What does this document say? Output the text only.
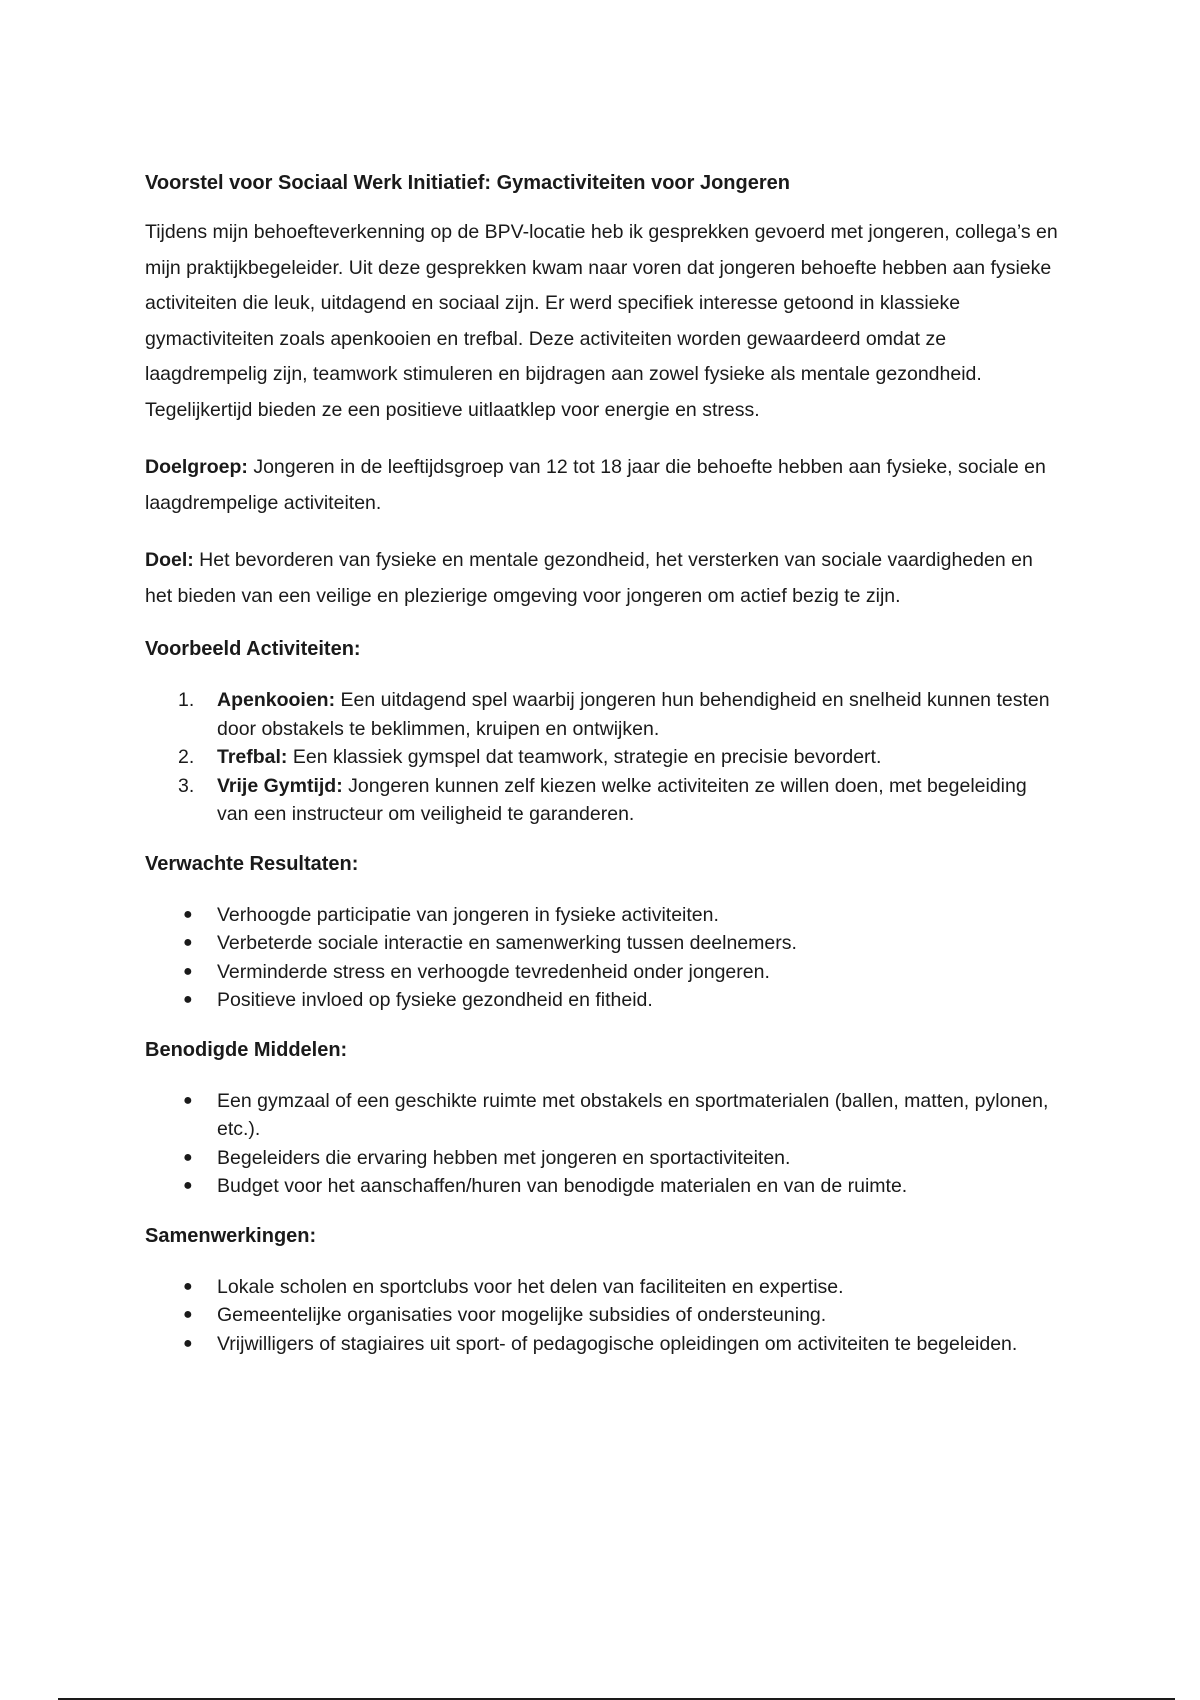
Voorstel voor Sociaal Werk Initiatief: Gymactiviteiten voor Jongeren

Tijdens mijn behoefteverkenning op de BPV-locatie heb ik gesprekken gevoerd met jongeren, collega’s en mijn praktijkbegeleider. Uit deze gesprekken kwam naar voren dat jongeren behoefte hebben aan fysieke activiteiten die leuk, uitdagend en sociaal zijn. Er werd specifiek interesse getoond in klassieke gymactiviteiten zoals apenkooien en trefbal. Deze activiteiten worden gewaardeerd omdat ze laagdrempelig zijn, teamwork stimuleren en bijdragen aan zowel fysieke als mentale gezondheid. Tegelijkertijd bieden ze een positieve uitlaatklep voor energie en stress.

Doelgroep: Jongeren in de leeftijdsgroep van 12 tot 18 jaar die behoefte hebben aan fysieke, sociale en laagdrempelige activiteiten.

Doel: Het bevorderen van fysieke en mentale gezondheid, het versterken van sociale vaardigheden en het bieden van een veilige en plezierige omgeving voor jongeren om actief bezig te zijn.

Voorbeeld Activiteiten:
1. Apenkooien: Een uitdagend spel waarbij jongeren hun behendigheid en snelheid kunnen testen door obstakels te beklimmen, kruipen en ontwijken.
2. Trefbal: Een klassiek gymspel dat teamwork, strategie en precisie bevordert.
3. Vrije Gymtijd: Jongeren kunnen zelf kiezen welke activiteiten ze willen doen, met begeleiding van een instructeur om veiligheid te garanderen.
Verwachte Resultaten:
● Verhoogde participatie van jongeren in fysieke activiteiten.
● Verbeterde sociale interactie en samenwerking tussen deelnemers.
● Verminderde stress en verhoogde tevredenheid onder jongeren.
● Positieve invloed op fysieke gezondheid en fitheid.
Benodigde Middelen:
● Een gymzaal of een geschikte ruimte met obstakels en sportmaterialen (ballen, matten, pylonen, etc.).
● Begeleiders die ervaring hebben met jongeren en sportactiviteiten.
● Budget voor het aanschaffen/huren van benodigde materialen en van de ruimte.
Samenwerkingen:
● Lokale scholen en sportclubs voor het delen van faciliteiten en expertise.
● Gemeentelijke organisaties voor mogelijke subsidies of ondersteuning.
● Vrijwilligers of stagiaires uit sport- of pedagogische opleidingen om activiteiten te begeleiden.
